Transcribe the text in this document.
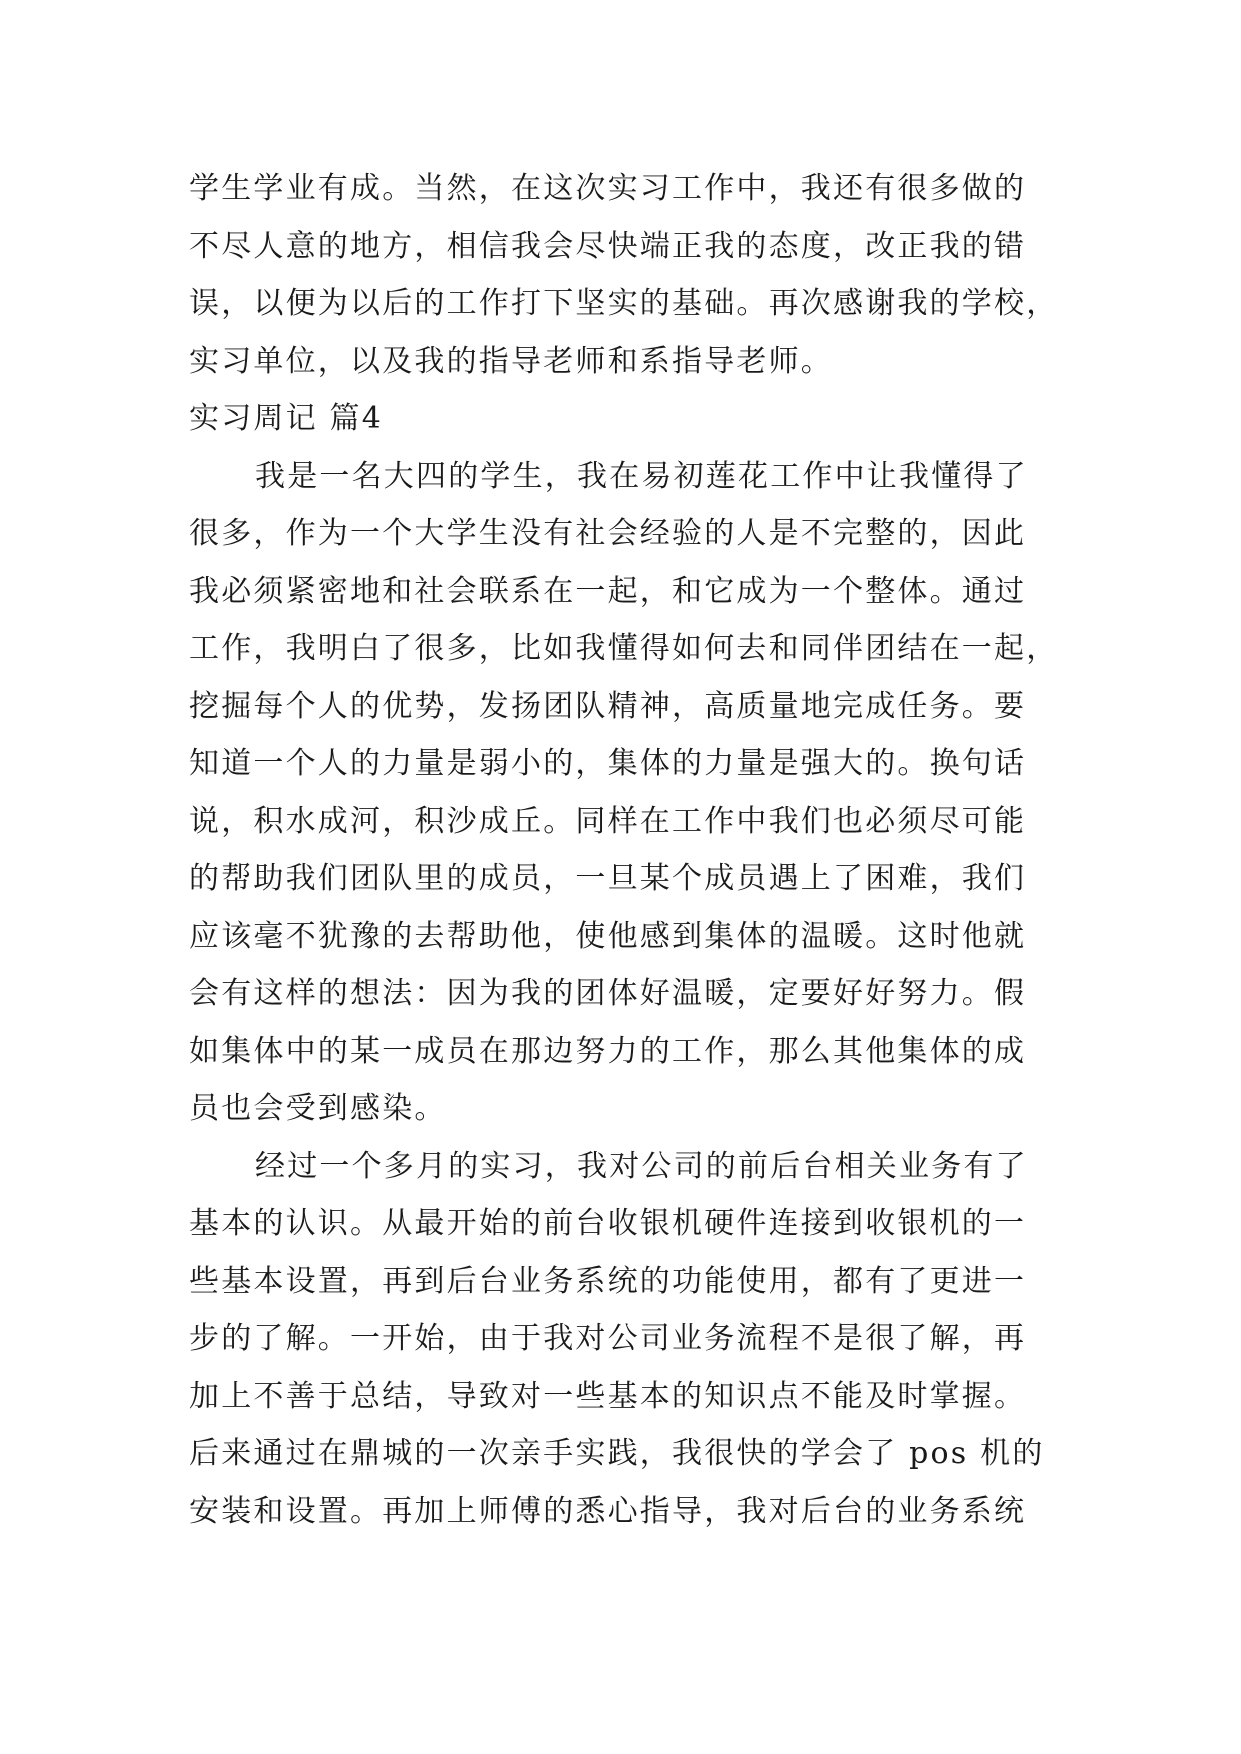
学生学业有成。当然，在这次实习工作中，我还有很多做的
不尽人意的地方，相信我会尽快端正我的态度，改正我的错
误，以便为以后的工作打下坚实的基础。再次感谢我的学校，
实习单位，以及我的指导老师和系指导老师。
实习周记 篇4
我是一名大四的学生，我在易初莲花工作中让我懂得了
很多，作为一个大学生没有社会经验的人是不完整的，因此
我必须紧密地和社会联系在一起，和它成为一个整体。通过
工作，我明白了很多，比如我懂得如何去和同伴团结在一起，
挖掘每个人的优势，发扬团队精神，高质量地完成任务。要
知道一个人的力量是弱小的，集体的力量是强大的。换句话
说，积水成河，积沙成丘。同样在工作中我们也必须尽可能
的帮助我们团队里的成员，一旦某个成员遇上了困难，我们
应该毫不犹豫的去帮助他，使他感到集体的温暖。这时他就
会有这样的想法：因为我的团体好温暖，定要好好努力。假
如集体中的某一成员在那边努力的工作，那么其他集体的成
员也会受到感染。
经过一个多月的实习，我对公司的前后台相关业务有了
基本的认识。从最开始的前台收银机硬件连接到收银机的一
些基本设置，再到后台业务系统的功能使用，都有了更进一
步的了解。一开始，由于我对公司业务流程不是很了解，再
加上不善于总结，导致对一些基本的知识点不能及时掌握。
后来通过在鼎城的一次亲手实践，我很快的学会了 pos 机的
安装和设置。再加上师傅的悉心指导，我对后台的业务系统
